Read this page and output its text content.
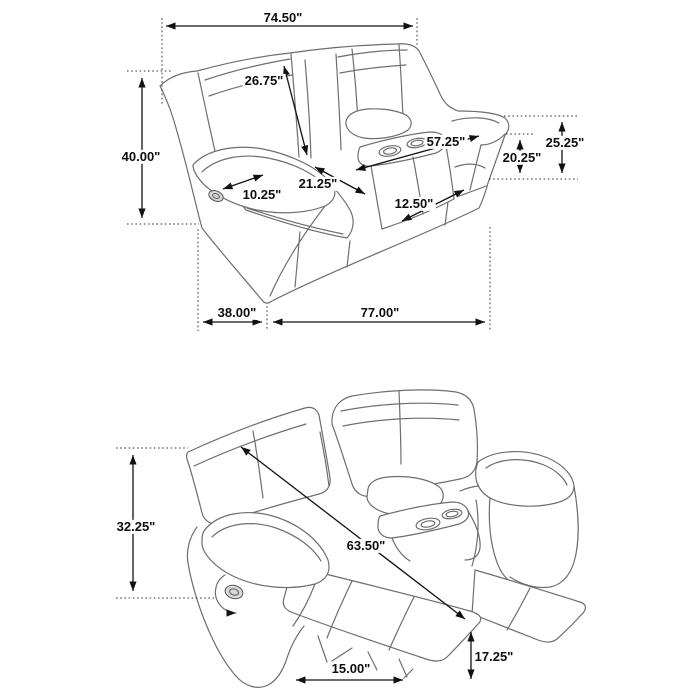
74.50"
26.75"
40.00"
57.25"
20.25"
25.25"
10.25"
21.25"
12.50"
38.00"	77.00"
32.25"
63.50"
17.25"
15.00"
